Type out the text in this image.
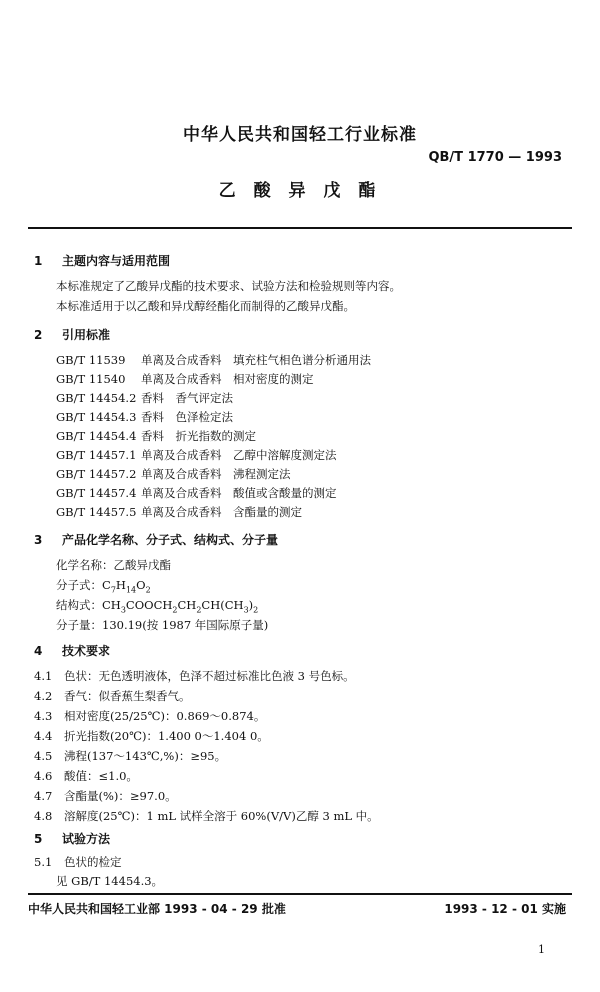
中华人民共和国轻工行业标准
QB/T 1770 — 1993
乙 酸 异 戊 酯
1 主题内容与适用范围
本标准规定了乙酸异戊酯的技术要求、试验方法和检验规则等内容。
本标准适用于以乙酸和异戊醇经酯化而制得的乙酸异戊酯。
2 引用标准
GB/T 11539 单离及合成香料　填充柱气相色谱分析通用法
GB/T 11540 单离及合成香料　相对密度的测定
GB/T 14454.2 香料　香气评定法
GB/T 14454.3 香料　色泽检定法
GB/T 14454.4 香料　折光指数的测定
GB/T 14457.1 单离及合成香料　乙醇中溶解度测定法
GB/T 14457.2 单离及合成香料　沸程测定法
GB/T 14457.4 单离及合成香料　酸值或含酸量的测定
GB/T 14457.5 单离及合成香料　含酯量的测定
3 产品化学名称、分子式、结构式、分子量
化学名称：乙酸异戊酯
分子式：$C_7H_{14}O_2$
结构式：$CH_3COOCH_2CH_2CH(CH_3)_2$
分子量：130.19(按 1987 年国际原子量)
4 技术要求
4.1 色状：无色透明液体，色泽不超过标准比色液 3 号色标。
4.2 香气：似香蕉生梨香气。
4.3 相对密度(25/25℃)：0.869～0.874。
4.4 折光指数(20℃)：1.400 0～1.404 0。
4.5 沸程(137～143℃,%)：≥95。
4.6 酸值：≤1.0。
4.7 含酯量(%)：≥97.0。
4.8 溶解度(25℃)：1 mL 试样全溶于 60%(V/V)乙醇 3 mL 中。
5 试验方法
5.1 色状的检定
见 GB/T 14454.3。
中华人民共和国轻工业部 1993 - 04 - 29 批准	1993 - 12 - 01 实施
1
